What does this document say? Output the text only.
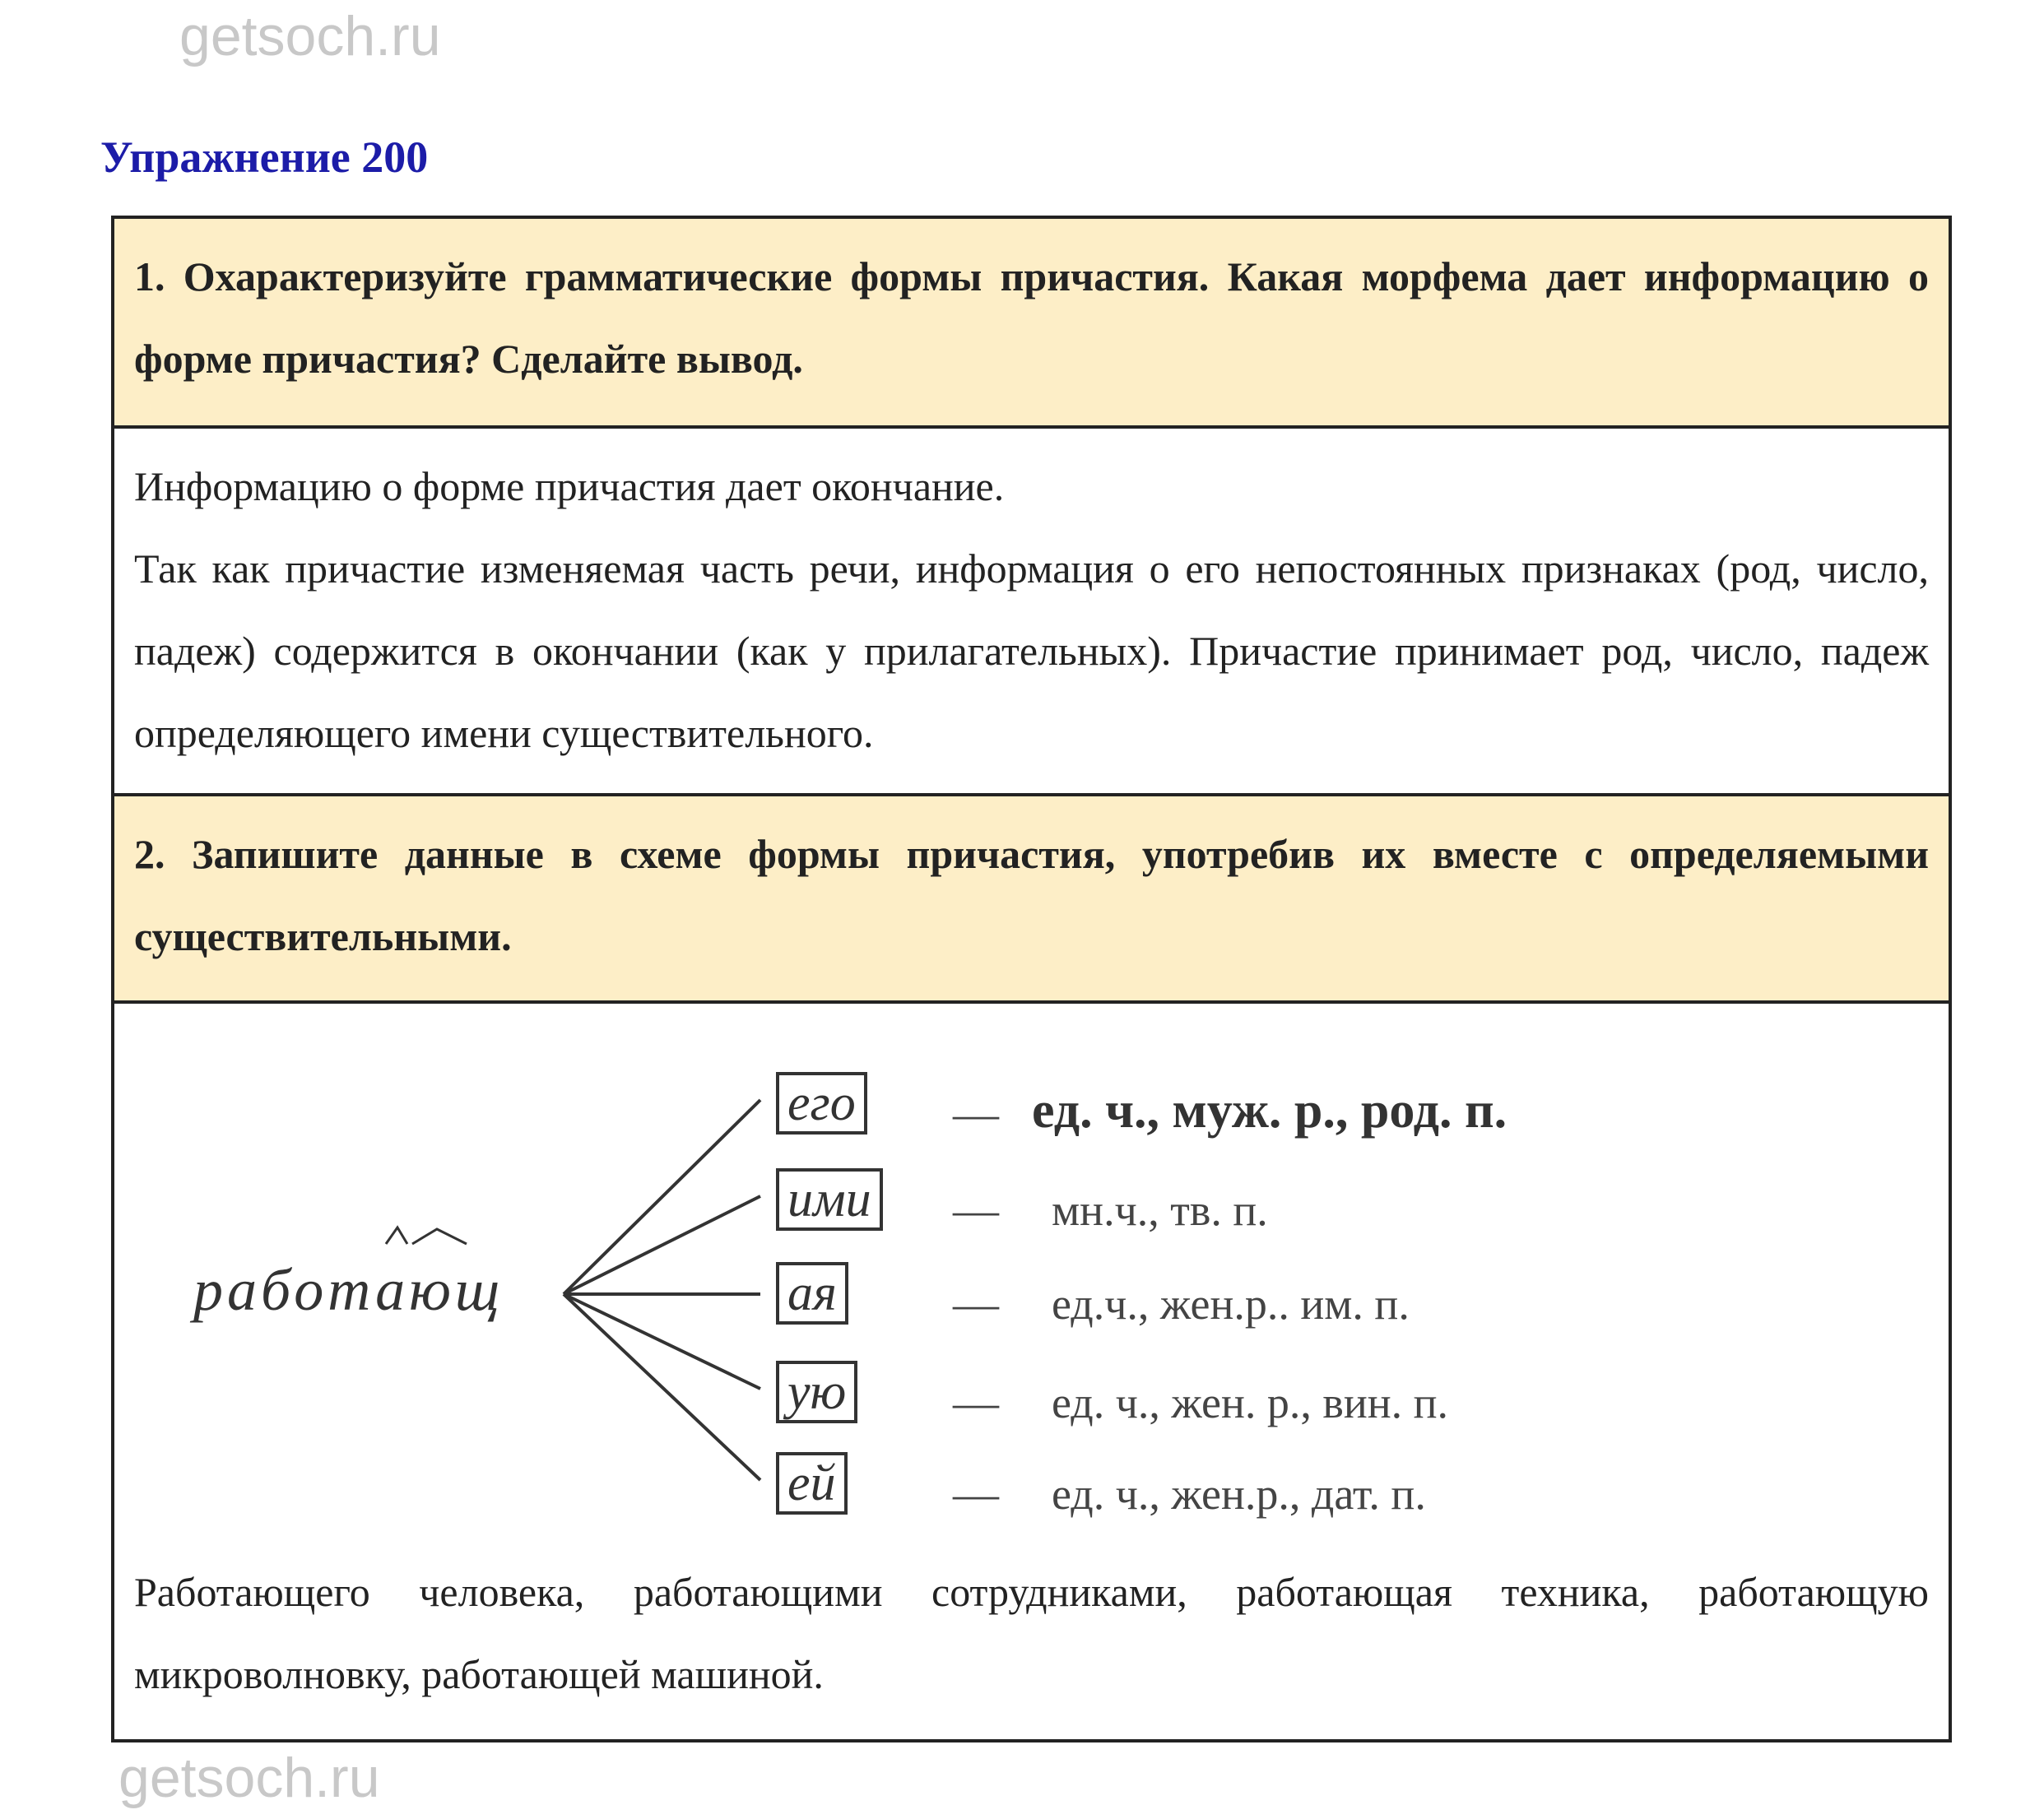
getsoch.ru
getsoch.ru
Упражнение 200

1. Охарактеризуйте грамматические формы причастия. Какая морфема дает информацию о форме причастия? Сделайте вывод.

Информацию о форме причастия дает окончание.

Так как причастие изменяемая часть речи, информация о его непостоянных признаках (род, число, падеж) содержится в окончании (как у прилагательных). Причастие принимает род, число, падеж определяющего имени существительного.

2. Запишите данные в схеме формы причастия, употребив их вместе с определяемыми существительными.

работающ
его
ими
ая
ую
ей
—
—
—
—
—
ед. ч., муж. р., род. п.
мн.ч., тв. п.
ед.ч., жен.р.. им. п.
ед. ч., жен. р., вин. п.
ед. ч., жен.р., дат. п.
Работающего человека, работающими сотрудниками, работающая техника, работающую микроволновку, работающей машиной.
